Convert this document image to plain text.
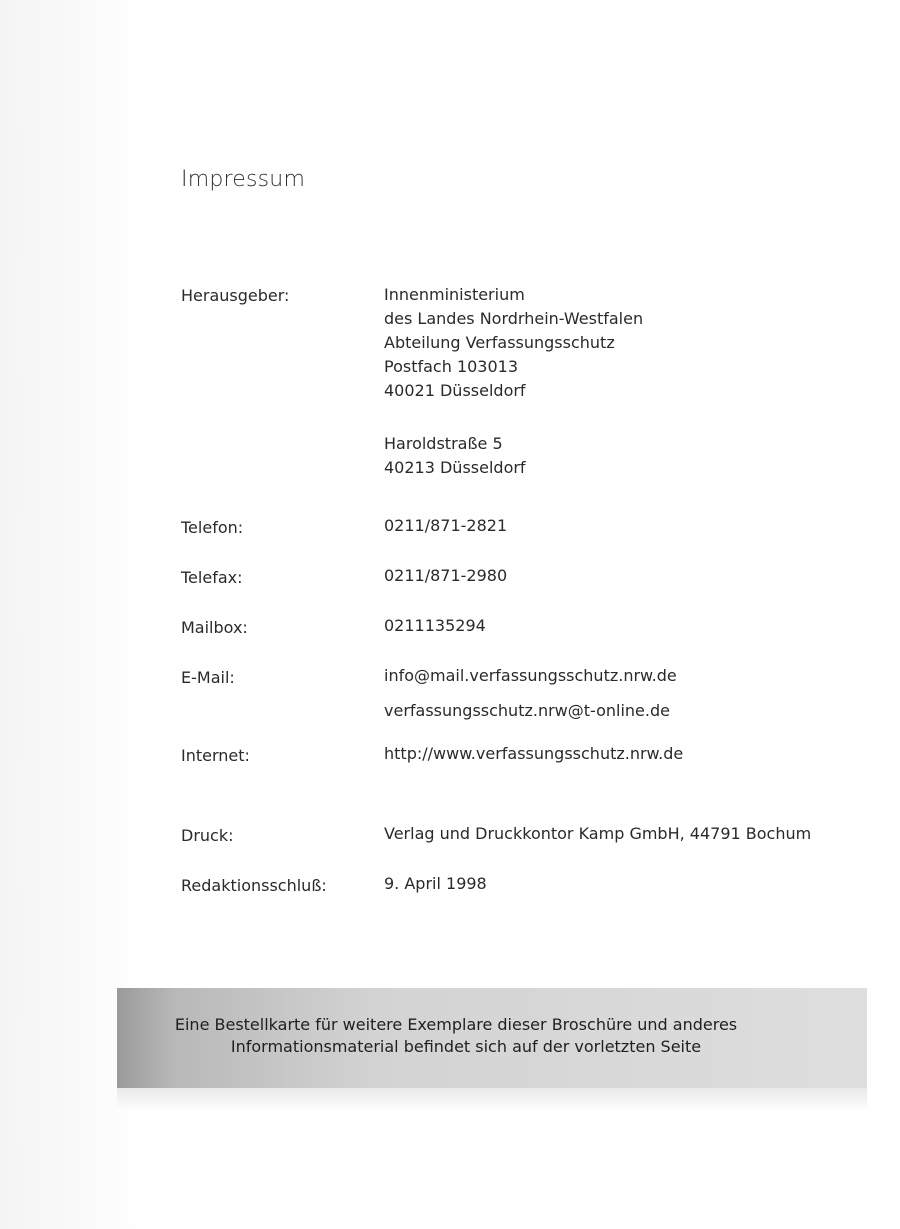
Impressum
Herausgeber:	Innenministerium
des Landes Nordrhein-Westfalen
Abteilung Verfassungsschutz
Postfach 103013
40021 Düsseldorf
Haroldstraße 5
40213 Düsseldorf
Telefon:	0211/871-2821
Telefax:	0211/871-2980
Mailbox:	0211135294
E-Mail:	info@mail.verfassungsschutz.nrw.de
verfassungsschutz.nrw@t-online.de
Internet:	http://www.verfassungsschutz.nrw.de
Druck:	Verlag und Druckkontor Kamp GmbH, 44791 Bochum
Redaktionsschluß:	9. April 1998
Eine Bestellkarte für weitere Exemplare dieser Broschüre und anderes
Informationsmaterial befindet sich auf der vorletzten Seite
